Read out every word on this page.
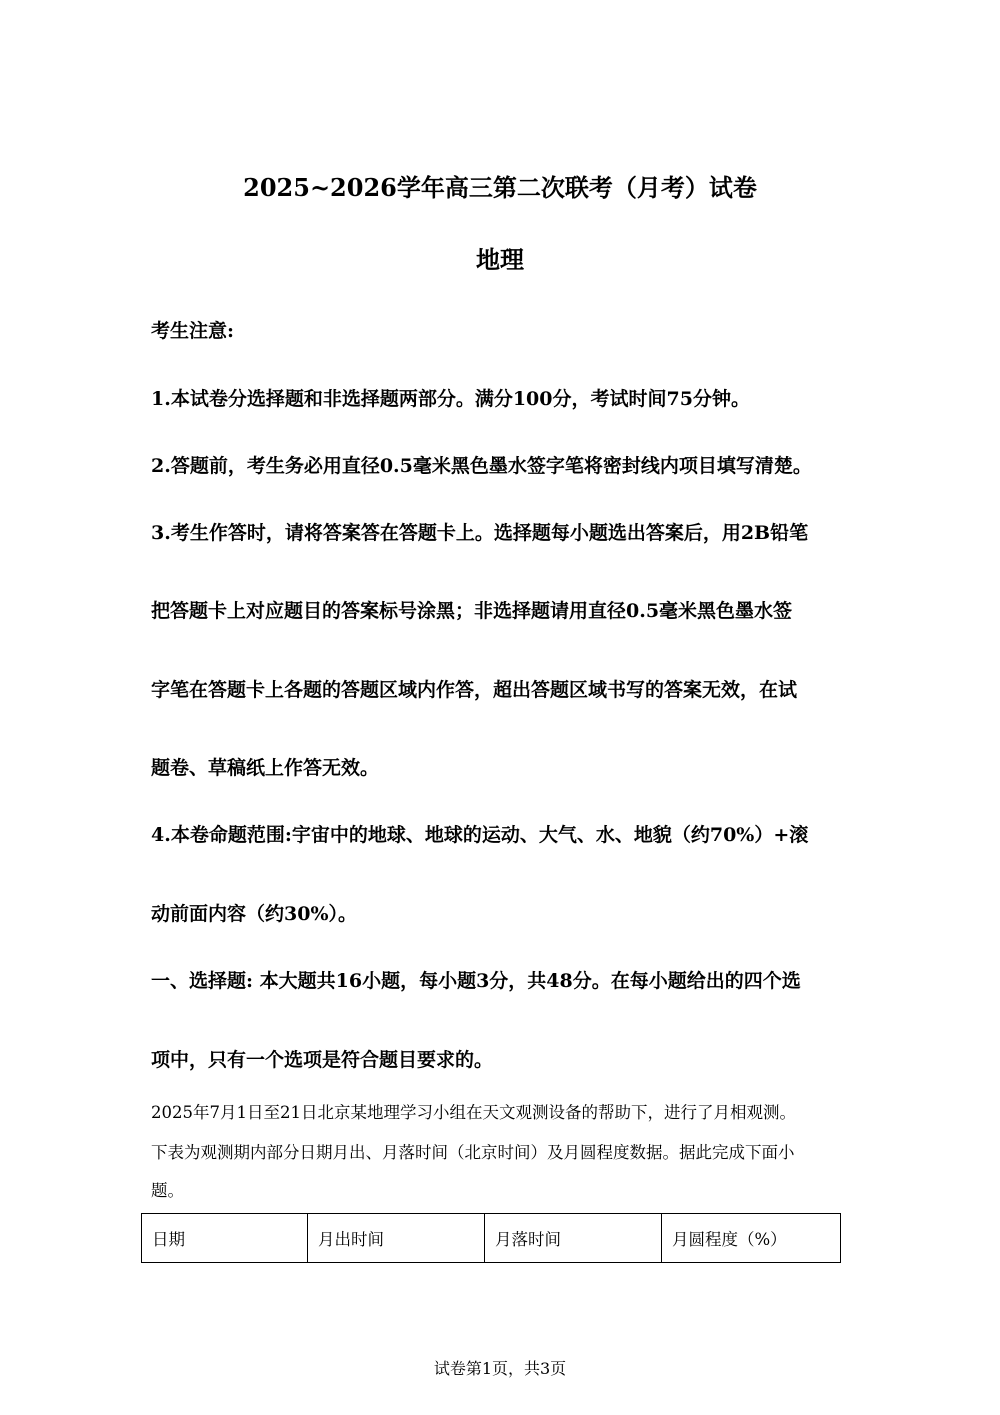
2025~2026学年高三第二次联考（月考）试卷
地理
考生注意:
1.本试卷分选择题和非选择题两部分。满分100分，考试时间75分钟。
2.答题前，考生务必用直径0.5毫米黑色墨水签字笔将密封线内项目填写清楚。
3.考生作答时，请将答案答在答题卡上。选择题每小题选出答案后，用2B铅笔
把答题卡上对应题目的答案标号涂黑；非选择题请用直径0.5毫米黑色墨水签
字笔在答题卡上各题的答题区域内作答，超出答题区域书写的答案无效，在试
题卷、草稿纸上作答无效。
4.本卷命题范围:宇宙中的地球、地球的运动、大气、水、地貌（约70%）+滚
动前面内容（约30%）。
一、选择题: 本大题共16小题，每小题3分，共48分。在每小题给出的四个选
项中，只有一个选项是符合题目要求的。
2025年7月1日至21日北京某地理学习小组在天文观测设备的帮助下，进行了月相观测。
下表为观测期内部分日期月出、月落时间（北京时间）及月圆程度数据。据此完成下面小
题。
日期	月出时间	月落时间	月圆程度（%）
试卷第1页，共3页
